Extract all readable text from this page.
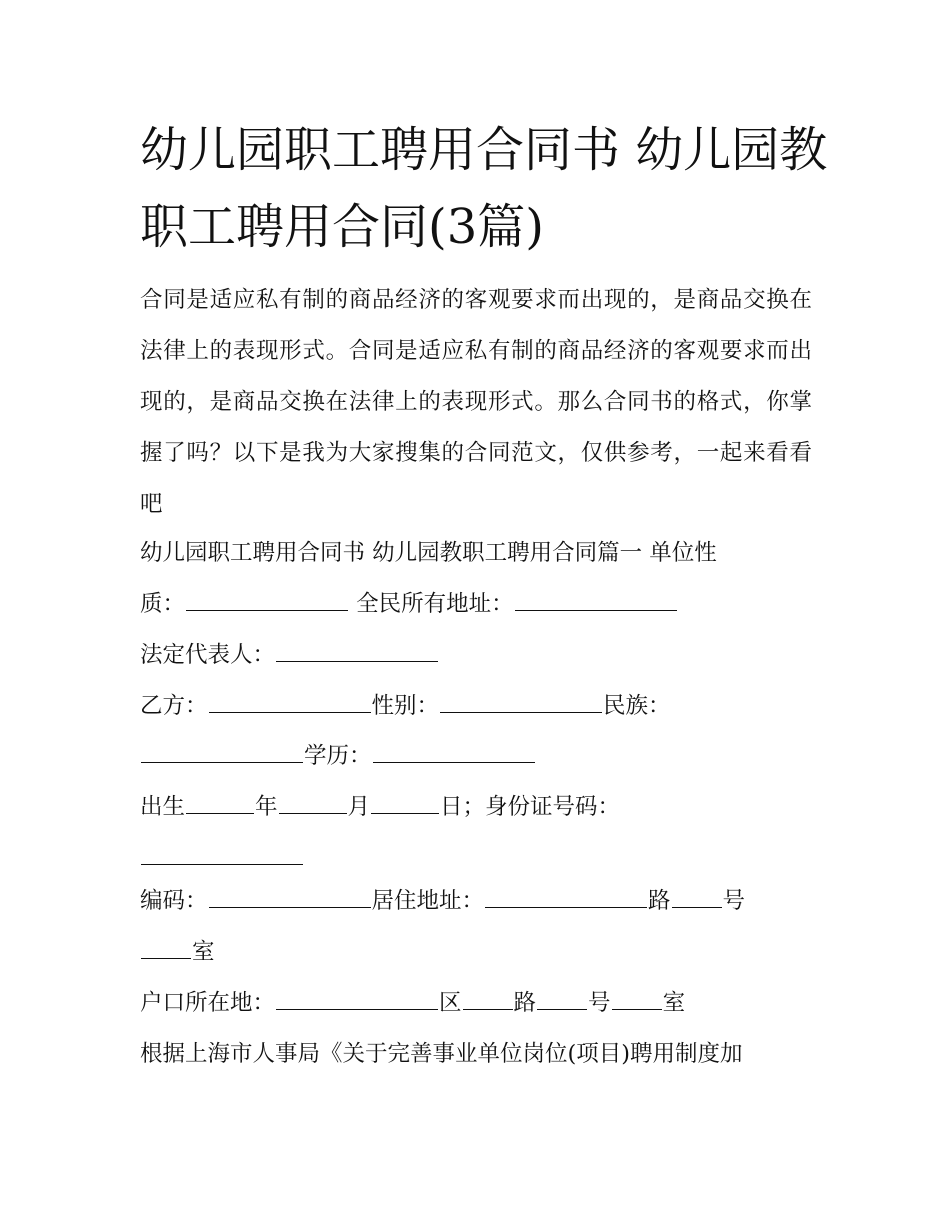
幼儿园职工聘用合同书 幼儿园教职工聘用合同(3篇)

合同是适应私有制的商品经济的客观要求而出现的，是商品交换在法律上的表现形式。合同是适应私有制的商品经济的客观要求而出现的，是商品交换在法律上的表现形式。那么合同书的格式，你掌握了吗？以下是我为大家搜集的合同范文，仅供参考，一起来看看吧

幼儿园职工聘用合同书 幼儿园教职工聘用合同篇一 单位性

质：	全民所有地址：

法定代表人：

乙方：	性别：	民族：

学历：

出生	年	月	日；身份证号码：

编码：	居住地址：	路 号

室

户口所在地：	区 路 号 室

根据上海市人事局《关于完善事业单位岗位(项目)聘用制度加
